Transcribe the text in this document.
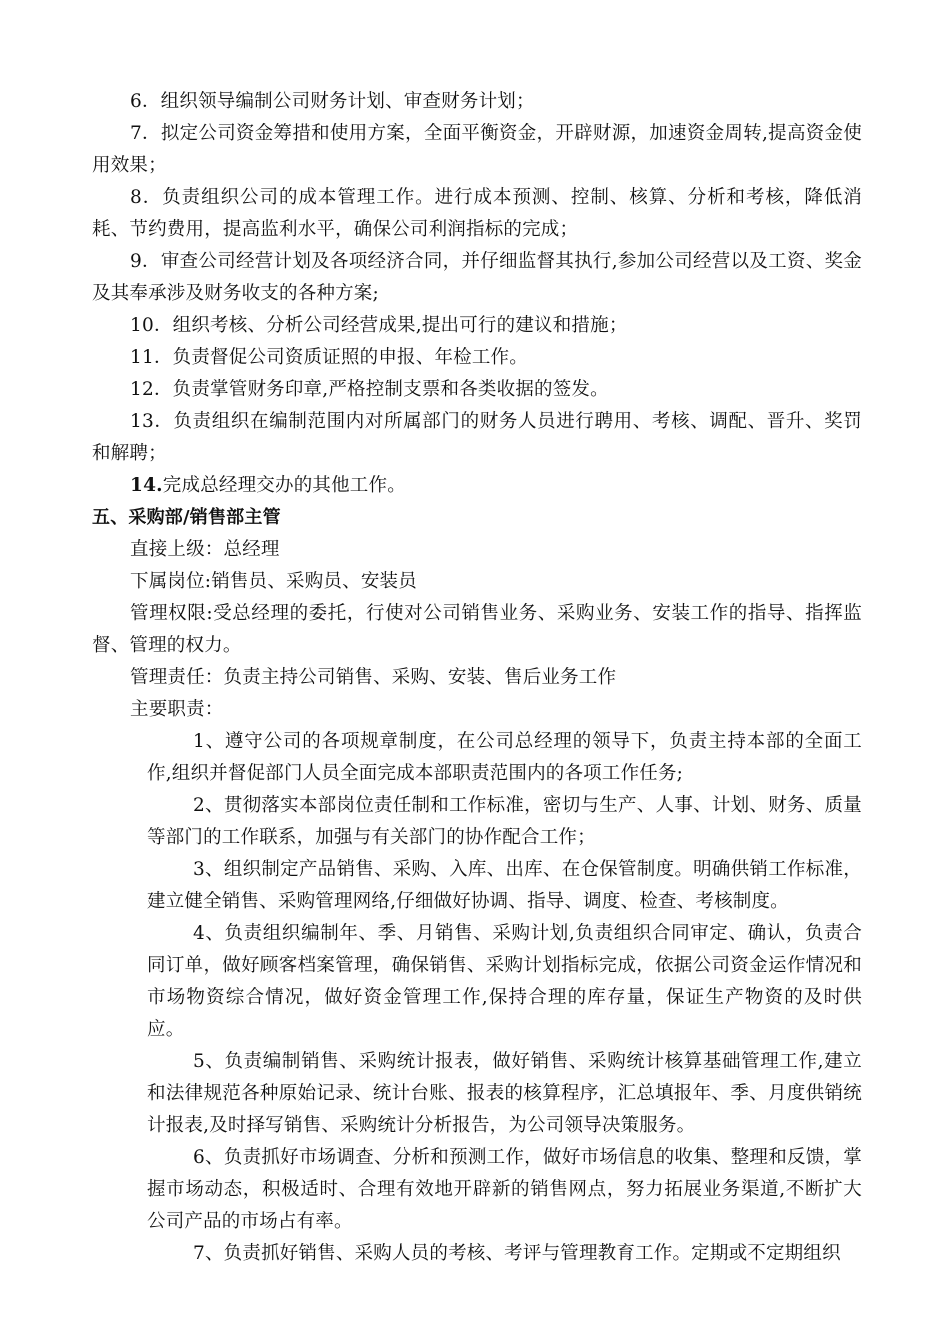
6．组织领导编制公司财务计划、审查财务计划；

7．拟定公司资金筹措和使用方案，全面平衡资金，开辟财源，加速资金周转,提高资金使用效果；

8．负责组织公司的成本管理工作。进行成本预测、控制、核算、分析和考核，降低消耗、节约费用，提高监利水平，确保公司利润指标的完成；

9．审查公司经营计划及各项经济合同，并仔细监督其执行,参加公司经营以及工资、奖金及其奉承涉及财务收支的各种方案;

10．组织考核、分析公司经营成果,提出可行的建议和措施；

11．负责督促公司资质证照的申报、年检工作。

12．负责掌管财务印章,严格控制支票和各类收据的签发。

13．负责组织在编制范围内对所属部门的财务人员进行聘用、考核、调配、晋升、奖罚和解聘；

14.完成总经理交办的其他工作。

五、采购部/销售部主管

直接上级：总经理

下属岗位:销售员、采购员、安装员

管理权限:受总经理的委托，行使对公司销售业务、采购业务、安装工作的指导、指挥监督、管理的权力。

管理责任：负责主持公司销售、采购、安装、售后业务工作

主要职责：

1、遵守公司的各项规章制度，在公司总经理的领导下，负责主持本部的全面工作,组织并督促部门人员全面完成本部职责范围内的各项工作任务;

2、贯彻落实本部岗位责任制和工作标准，密切与生产、人事、计划、财务、质量等部门的工作联系，加强与有关部门的协作配合工作；

3、组织制定产品销售、采购、入库、出库、在仓保管制度。明确供销工作标准，建立健全销售、采购管理网络,仔细做好协调、指导、调度、检查、考核制度。

4、负责组织编制年、季、月销售、采购计划,负责组织合同审定、确认，负责合同订单，做好顾客档案管理，确保销售、采购计划指标完成，依据公司资金运作情况和市场物资综合情况，做好资金管理工作,保持合理的库存量，保证生产物资的及时供应。

5、负责编制销售、采购统计报表，做好销售、采购统计核算基础管理工作,建立和法律规范各种原始记录、统计台账、报表的核算程序，汇总填报年、季、月度供销统计报表,及时择写销售、采购统计分析报告，为公司领导决策服务。

6、负责抓好市场调查、分析和预测工作，做好市场信息的收集、整理和反馈，掌握市场动态，积极适时、合理有效地开辟新的销售网点，努力拓展业务渠道,不断扩大公司产品的市场占有率。

7、负责抓好销售、采购人员的考核、考评与管理教育工作。定期或不定期组织
